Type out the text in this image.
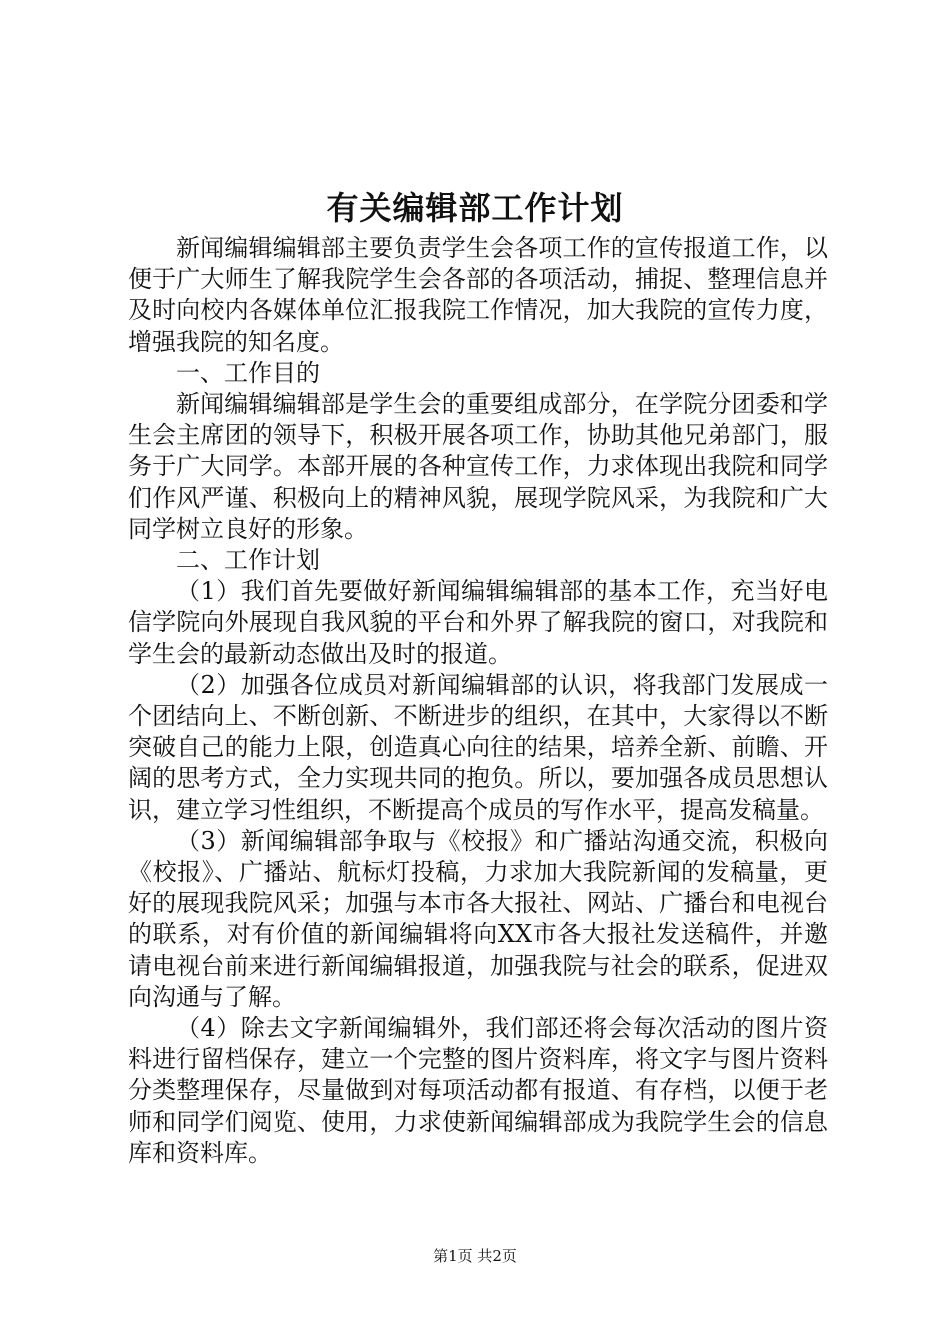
有关编辑部工作计划

新闻编辑编辑部主要负责学生会各项工作的宣传报道工作，以便于广大师生了解我院学生会各部的各项活动，捕捉、整理信息并及时向校内各媒体单位汇报我院工作情况，加大我院的宣传力度，增强我院的知名度。

一、工作目的

新闻编辑编辑部是学生会的重要组成部分，在学院分团委和学生会主席团的领导下，积极开展各项工作，协助其他兄弟部门，服务于广大同学。本部开展的各种宣传工作，力求体现出我院和同学们作风严谨、积极向上的精神风貌，展现学院风采，为我院和广大同学树立良好的形象。

二、工作计划

（1）我们首先要做好新闻编辑编辑部的基本工作，充当好电信学院向外展现自我风貌的平台和外界了解我院的窗口，对我院和学生会的最新动态做出及时的报道。

（2）加强各位成员对新闻编辑部的认识，将我部门发展成一个团结向上、不断创新、不断进步的组织，在其中，大家得以不断突破自己的能力上限，创造真心向往的结果，培养全新、前瞻、开阔的思考方式，全力实现共同的抱负。所以，要加强各成员思想认识，建立学习性组织，不断提高个成员的写作水平，提高发稿量。

（3）新闻编辑部争取与《校报》和广播站沟通交流，积极向《校报》、广播站、航标灯投稿，力求加大我院新闻的发稿量，更好的展现我院风采；加强与本市各大报社、网站、广播台和电视台的联系，对有价值的新闻编辑将向XX市各大报社发送稿件，并邀请电视台前来进行新闻编辑报道，加强我院与社会的联系，促进双向沟通与了解。

（4）除去文字新闻编辑外，我们部还将会每次活动的图片资料进行留档保存，建立一个完整的图片资料库，将文字与图片资料分类整理保存，尽量做到对每项活动都有报道、有存档，以便于老师和同学们阅览、使用，力求使新闻编辑部成为我院学生会的信息库和资料库。

第1页 共2页
